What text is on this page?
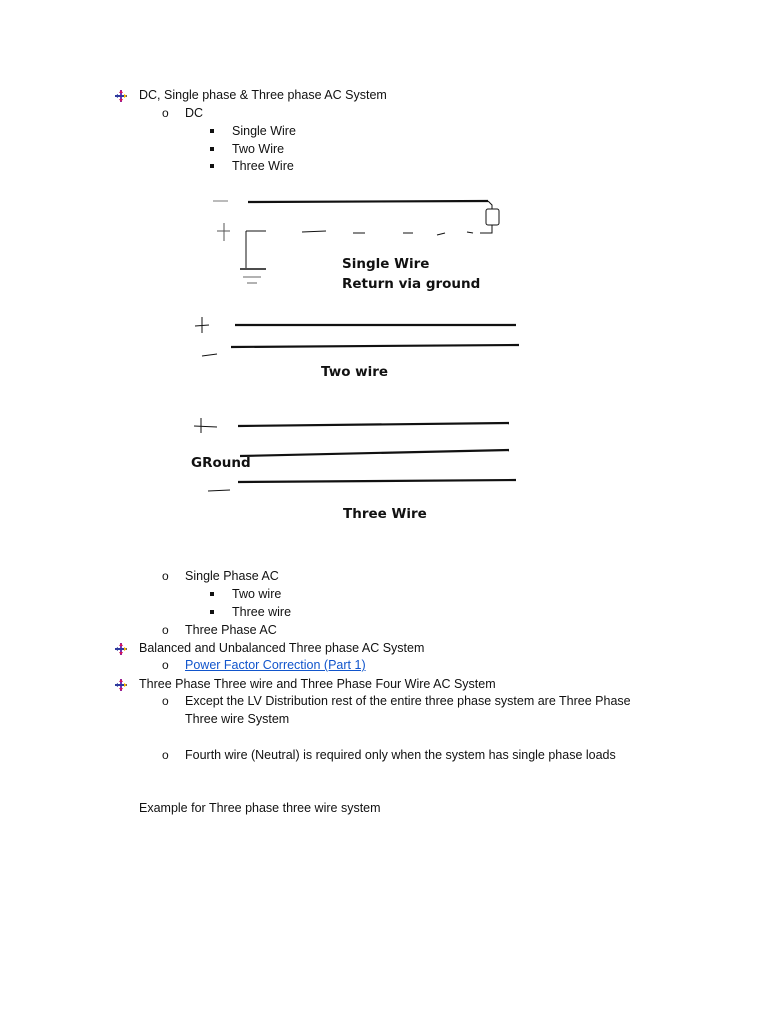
DC, Single phase & Three phase AC System
o DC
Single Wire
Two Wire
Three Wire
Single Wire
Return via ground
Two wire
GRound
Three Wire
o Single Phase AC
Two wire
Three wire
o Three Phase AC
Balanced and Unbalanced Three phase AC System
o Power Factor Correction (Part 1)
Three Phase Three wire and Three Phase Four Wire AC System
o Except the LV Distribution rest of the entire three phase system are Three Phase
Three wire System
o Fourth wire (Neutral) is required only when the system has single phase loads
Example for Three phase three wire system
